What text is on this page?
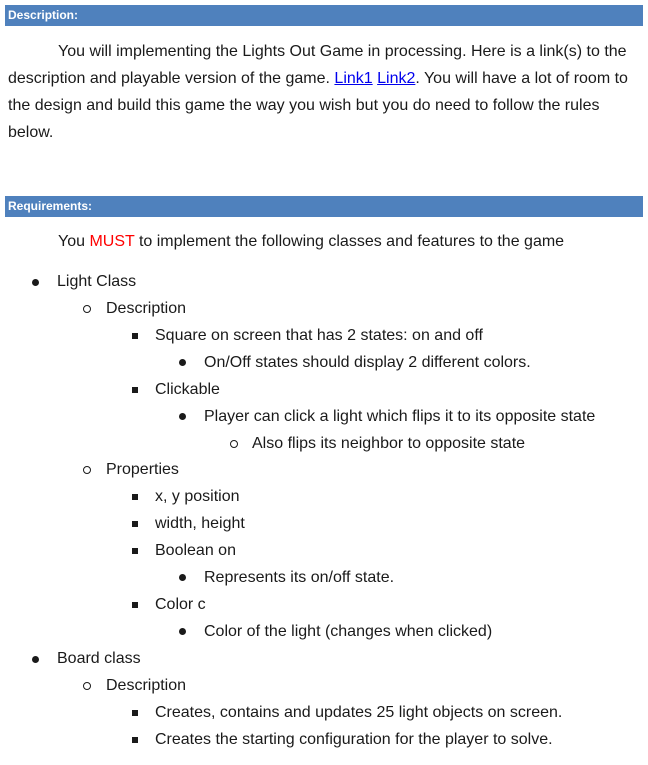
Description:
You will implementing the Lights Out Game in processing. Here is a link(s) to the description and playable version of the game. Link1 Link2. You will have a lot of room to the design and build this game the way you wish but you do need to follow the rules below.
Requirements:
You MUST to implement the following classes and features to the game
Light Class
Description
Square on screen that has 2 states: on and off
On/Off states should display 2 different colors.
Clickable
Player can click a light which flips it to its opposite state
Also flips its neighbor to opposite state
Properties
x, y position
width, height
Boolean on
Represents its on/off state.
Color c
Color of the light (changes when clicked)
Board class
Description
Creates, contains and updates 25 light objects on screen.
Creates the starting configuration for the player to solve.
